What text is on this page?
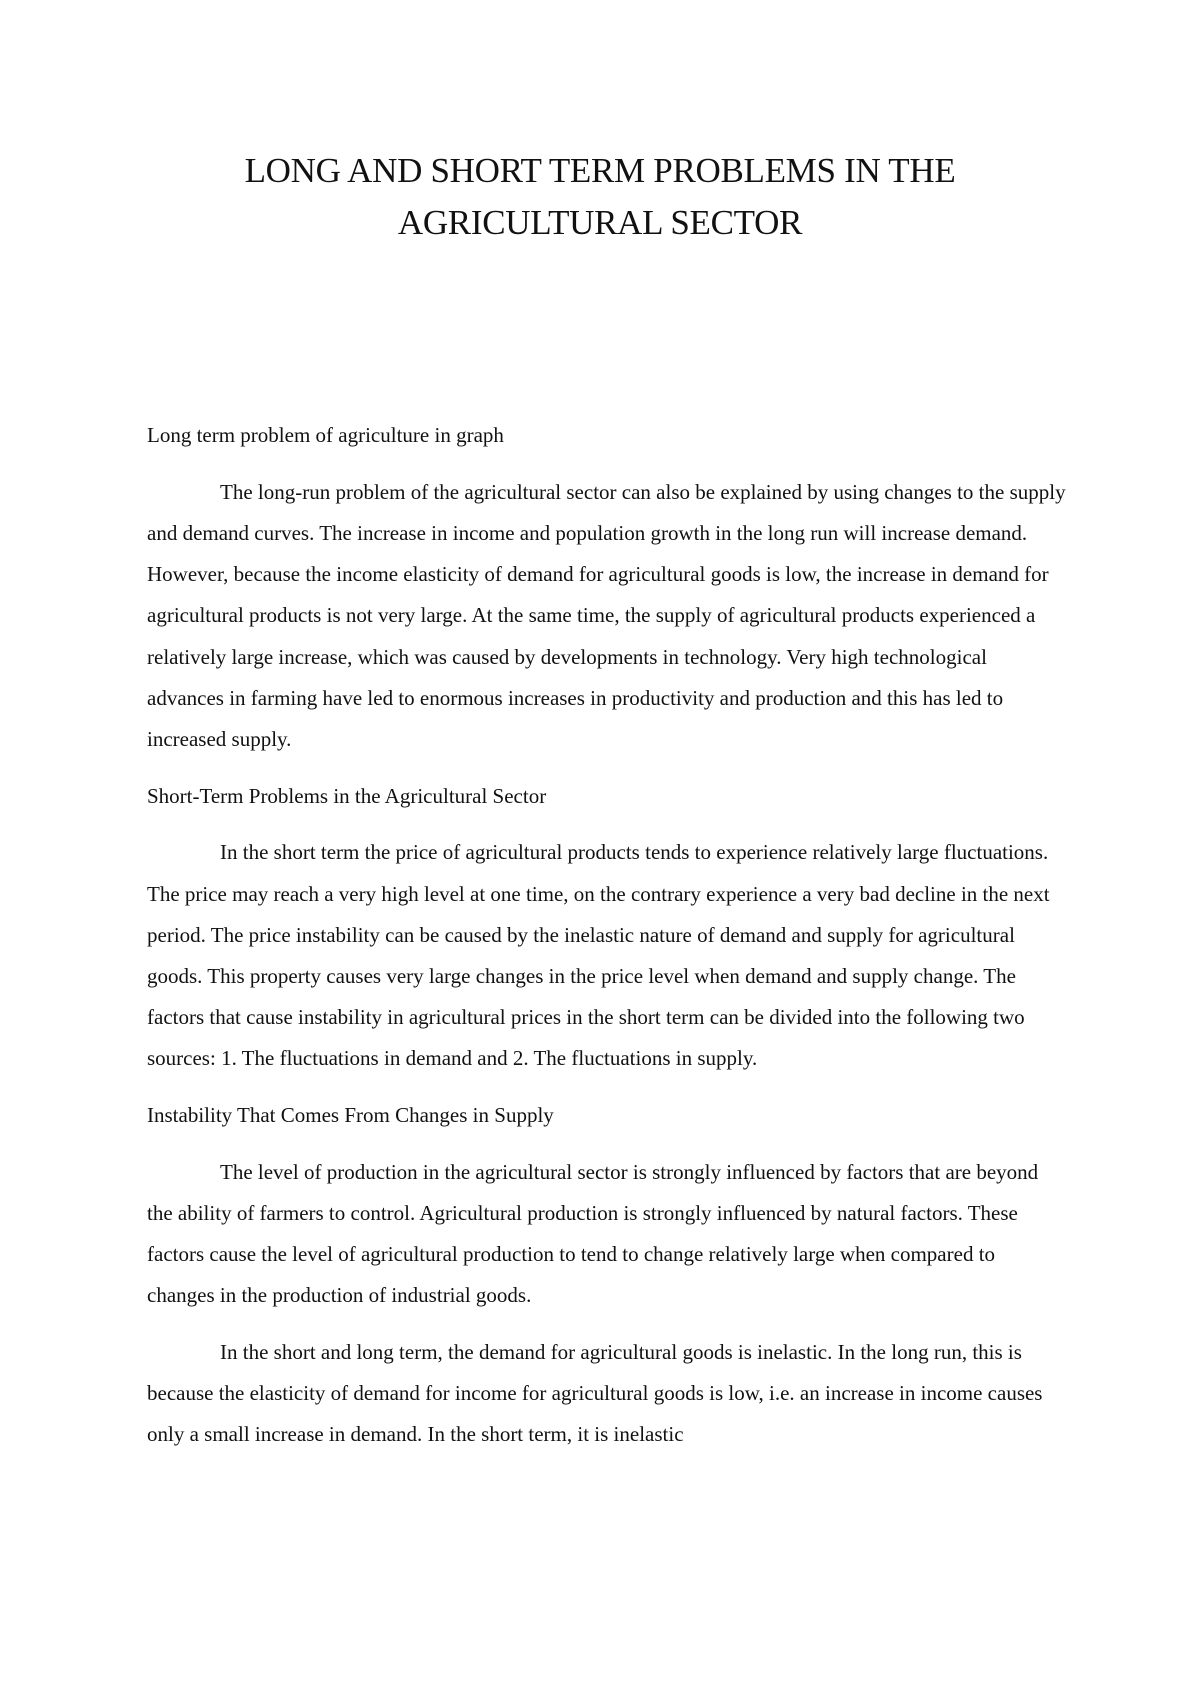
LONG AND SHORT TERM PROBLEMS IN THE
AGRICULTURAL SECTOR

Long term problem of agriculture in graph

The long-run problem of the agricultural sector can also be explained by using changes to the supply and demand curves. The increase in income and population growth in the long run will increase demand. However, because the income elasticity of demand for agricultural goods is low, the increase in demand for agricultural products is not very large. At the same time, the supply of agricultural products experienced a relatively large increase, which was caused by developments in technology. Very high technological advances in farming have led to enormous increases in productivity and production and this has led to increased supply.

Short-Term Problems in the Agricultural Sector

In the short term the price of agricultural products tends to experience relatively large fluctuations. The price may reach a very high level at one time, on the contrary experience a very bad decline in the next period. The price instability can be caused by the inelastic nature of demand and supply for agricultural goods. This property causes very large changes in the price level when demand and supply change. The factors that cause instability in agricultural prices in the short term can be divided into the following two sources: 1. The fluctuations in demand and 2. The fluctuations in supply.

Instability That Comes From Changes in Supply

The level of production in the agricultural sector is strongly influenced by factors that are beyond the ability of farmers to control. Agricultural production is strongly influenced by natural factors. These factors cause the level of agricultural production to tend to change relatively large when compared to changes in the production of industrial goods.

In the short and long term, the demand for agricultural goods is inelastic. In the long run, this is because the elasticity of demand for income for agricultural goods is low, i.e. an increase in income causes only a small increase in demand. In the short term, it is inelastic
